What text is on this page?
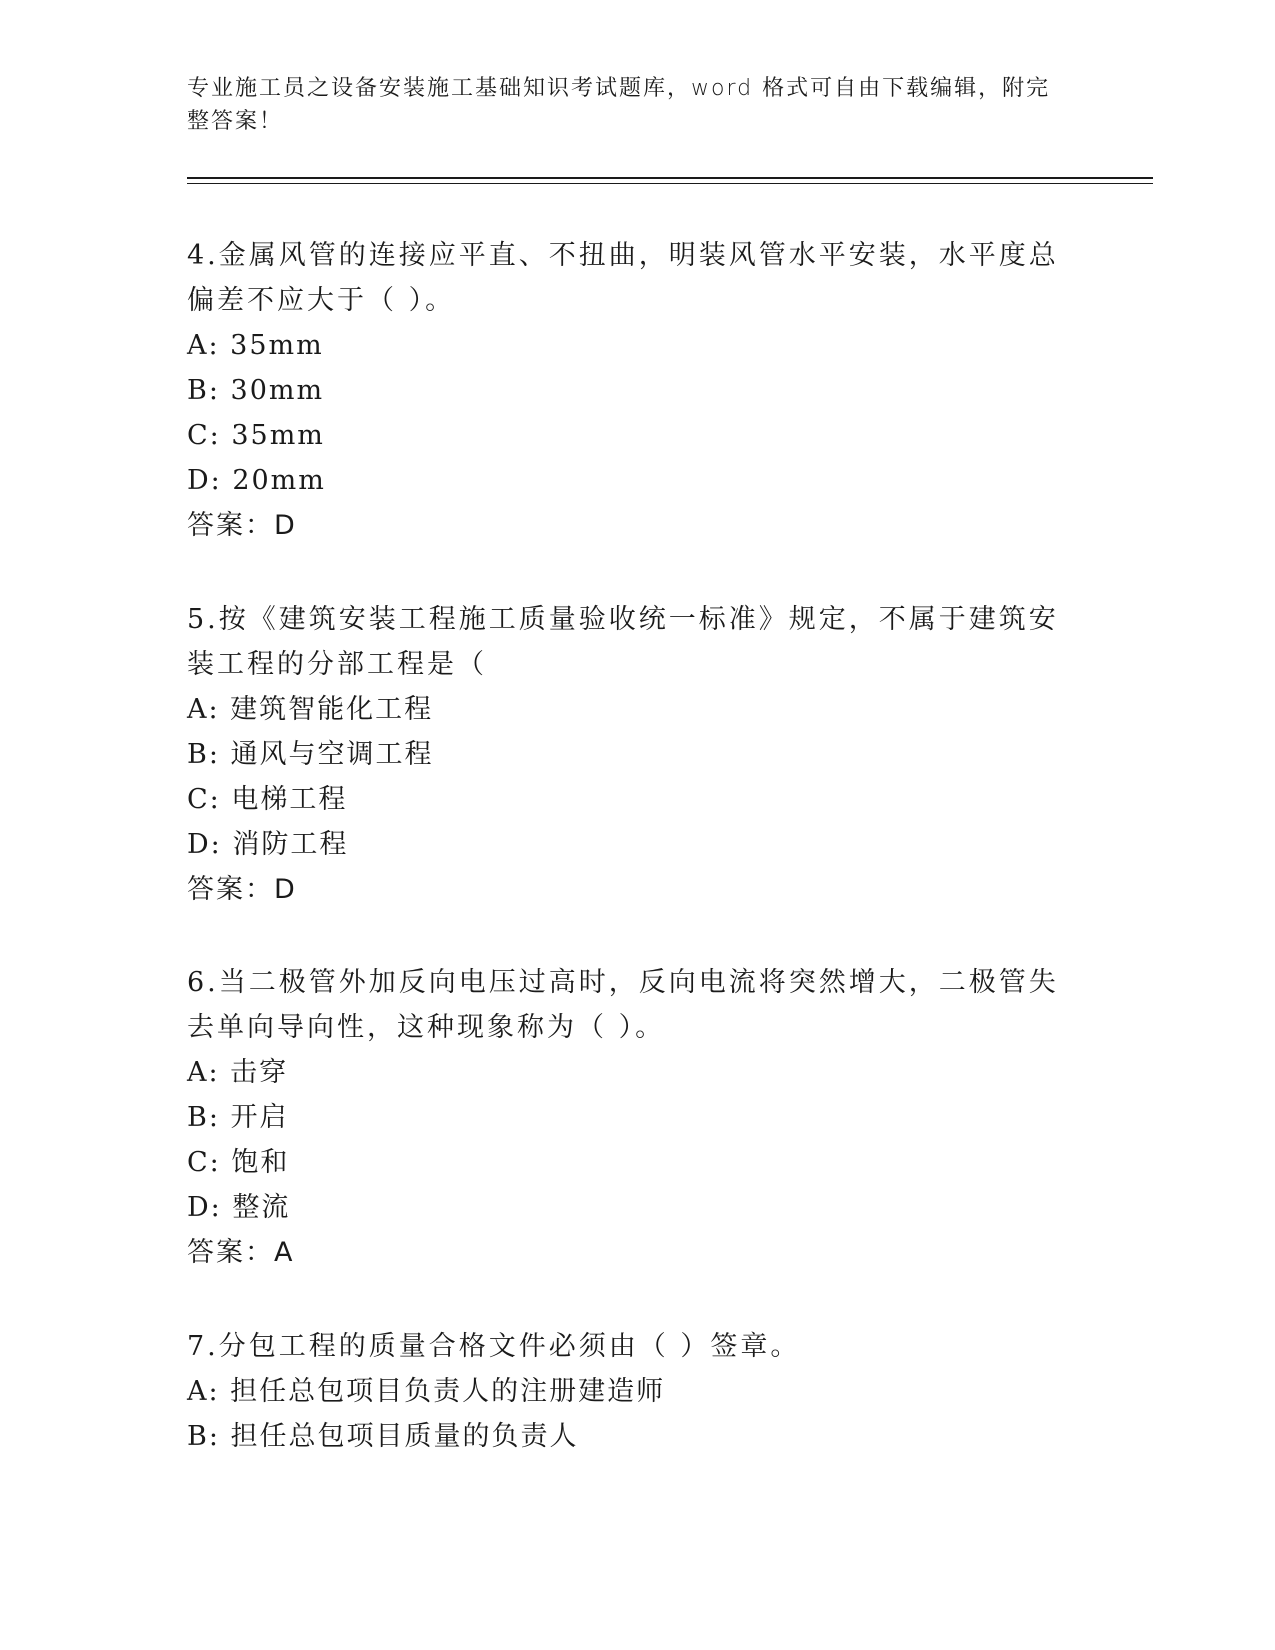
专业施工员之设备安装施工基础知识考试题库，word 格式可自由下载编辑，附完整答案！

4.金属风管的连接应平直、不扭曲，明装风管水平安装，水平度总偏差不应大于（ ）。

A: 35mm

B: 30mm

C: 35mm

D: 20mm

答案：D

5.按《建筑安装工程施工质量验收统一标准》规定，不属于建筑安装工程的分部工程是（

A: 建筑智能化工程

B: 通风与空调工程

C: 电梯工程

D: 消防工程

答案：D

6.当二极管外加反向电压过高时，反向电流将突然增大，二极管失去单向导向性，这种现象称为（ ）。

A: 击穿

B: 开启

C: 饱和

D: 整流

答案：A

7.分包工程的质量合格文件必须由（ ）签章。

A: 担任总包项目负责人的注册建造师

B: 担任总包项目质量的负责人
